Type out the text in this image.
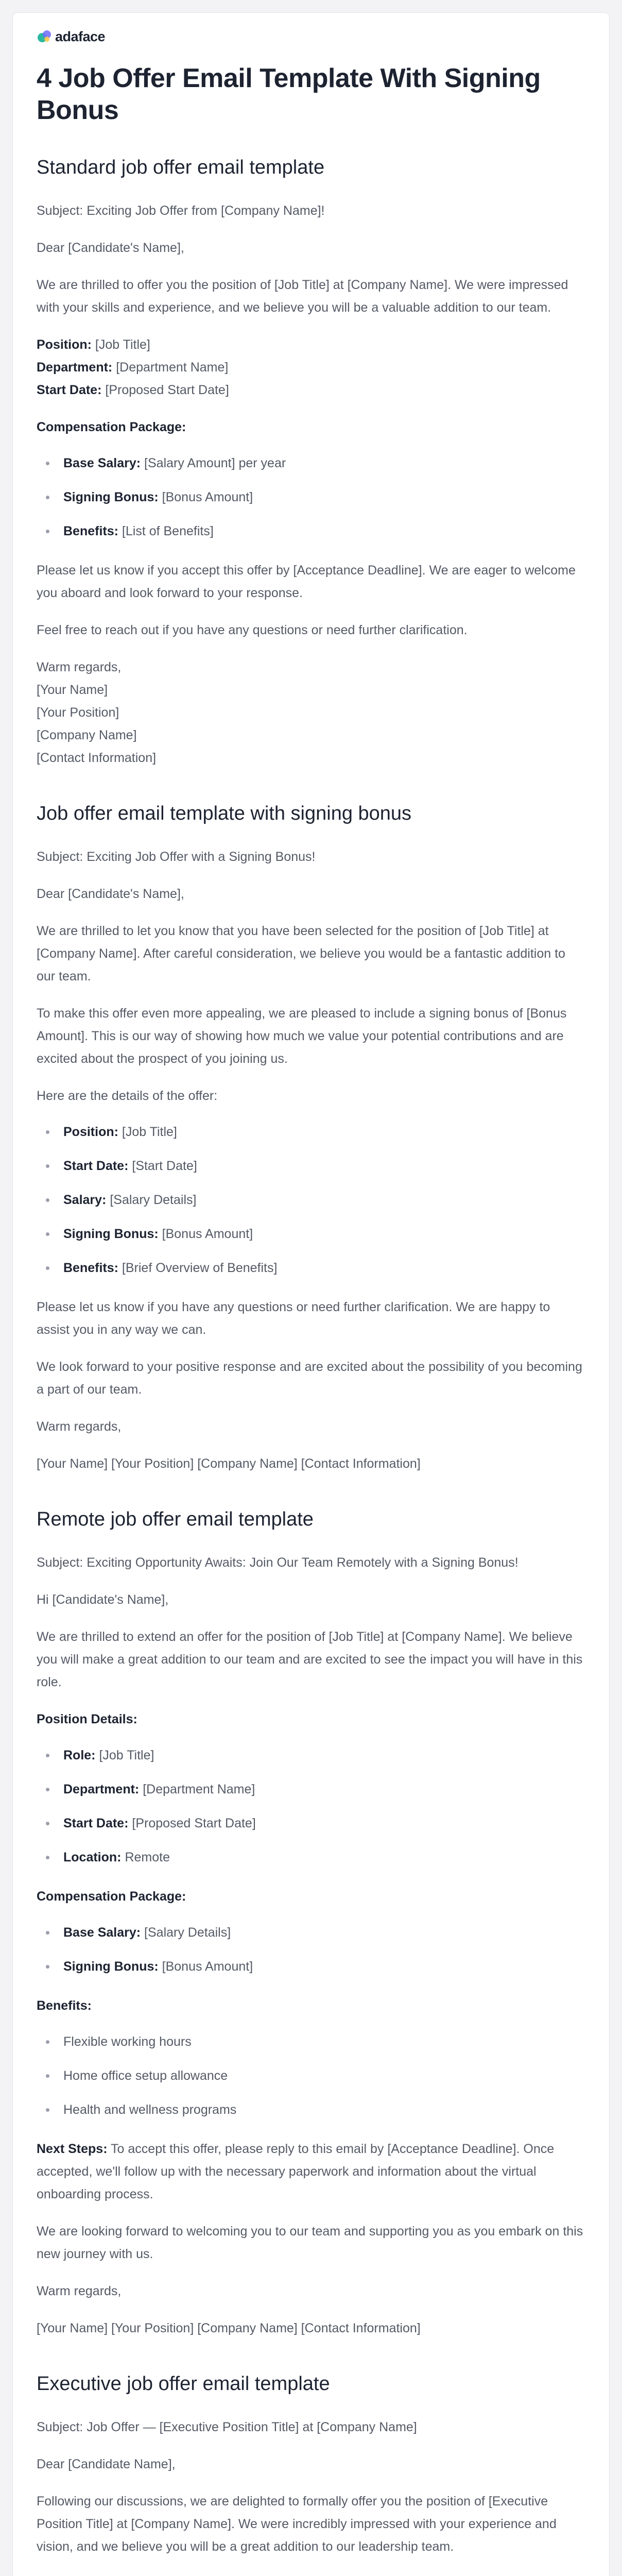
adaface
4 Job Offer Email Template With Signing Bonus
Standard job offer email template

Subject: Exciting Job Offer from [Company Name]!

Dear [Candidate's Name],

We are thrilled to offer you the position of [Job Title] at [Company Name]. We were impressed with your skills and experience, and we believe you will be a valuable addition to our team.

Position: [Job Title]

Department: [Department Name]

Start Date: [Proposed Start Date]

Compensation Package:

Base Salary: [Salary Amount] per year
Signing Bonus: [Bonus Amount]
Benefits: [List of Benefits]

Please let us know if you accept this offer by [Acceptance Deadline]. We are eager to welcome you aboard and look forward to your response.

Feel free to reach out if you have any questions or need further clarification.

Warm regards,

[Your Name]

[Your Position]

[Company Name]

[Contact Information]

Job offer email template with signing bonus

Subject: Exciting Job Offer with a Signing Bonus!

Dear [Candidate's Name],

We are thrilled to let you know that you have been selected for the position of [Job Title] at [Company Name]. After careful consideration, we believe you would be a fantastic addition to our team.

To make this offer even more appealing, we are pleased to include a signing bonus of [Bonus Amount]. This is our way of showing how much we value your potential contributions and are excited about the prospect of you joining us.

Here are the details of the offer:

Position: [Job Title]
Start Date: [Start Date]
Salary: [Salary Details]
Signing Bonus: [Bonus Amount]
Benefits: [Brief Overview of Benefits]

Please let us know if you have any questions or need further clarification. We are happy to assist you in any way we can.

We look forward to your positive response and are excited about the possibility of you becoming a part of our team.

Warm regards,

[Your Name] [Your Position] [Company Name] [Contact Information]

Remote job offer email template

Subject: Exciting Opportunity Awaits: Join Our Team Remotely with a Signing Bonus!

Hi [Candidate's Name],

We are thrilled to extend an offer for the position of [Job Title] at [Company Name]. We believe you will make a great addition to our team and are excited to see the impact you will have in this role.

Position Details:

Role: [Job Title]
Department: [Department Name]
Start Date: [Proposed Start Date]
Location: Remote

Compensation Package:

Base Salary: [Salary Details]
Signing Bonus: [Bonus Amount]

Benefits:

Flexible working hours
Home office setup allowance
Health and wellness programs

Next Steps: To accept this offer, please reply to this email by [Acceptance Deadline]. Once accepted, we'll follow up with the necessary paperwork and information about the virtual onboarding process.

We are looking forward to welcoming you to our team and supporting you as you embark on this new journey with us.

Warm regards,

[Your Name] [Your Position] [Company Name] [Contact Information]

Executive job offer email template

Subject: Job Offer — [Executive Position Title] at [Company Name]

Dear [Candidate Name],

Following our discussions, we are delighted to formally offer you the position of [Executive Position Title] at [Company Name]. We were incredibly impressed with your experience and vision, and we believe you will be a great addition to our leadership team.
